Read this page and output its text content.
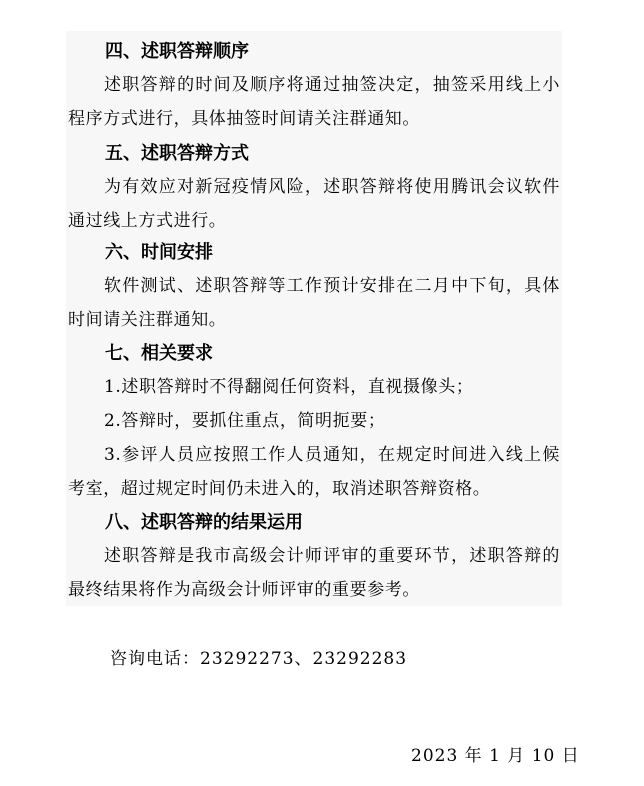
四、述职答辩顺序
述职答辩的时间及顺序将通过抽签决定，抽签采用线上小程序方式进行，具体抽签时间请关注群通知。
五、述职答辩方式
为有效应对新冠疫情风险，述职答辩将使用腾讯会议软件通过线上方式进行。
六、时间安排
软件测试、述职答辩等工作预计安排在二月中下旬，具体时间请关注群通知。
七、相关要求
1.述职答辩时不得翻阅任何资料，直视摄像头；
2.答辩时，要抓住重点，简明扼要；
3.参评人员应按照工作人员通知，在规定时间进入线上候考室，超过规定时间仍未进入的，取消述职答辩资格。
八、述职答辩的结果运用
述职答辩是我市高级会计师评审的重要环节，述职答辩的最终结果将作为高级会计师评审的重要参考。
咨询电话：23292273、23292283
2023 年 1 月 10 日
